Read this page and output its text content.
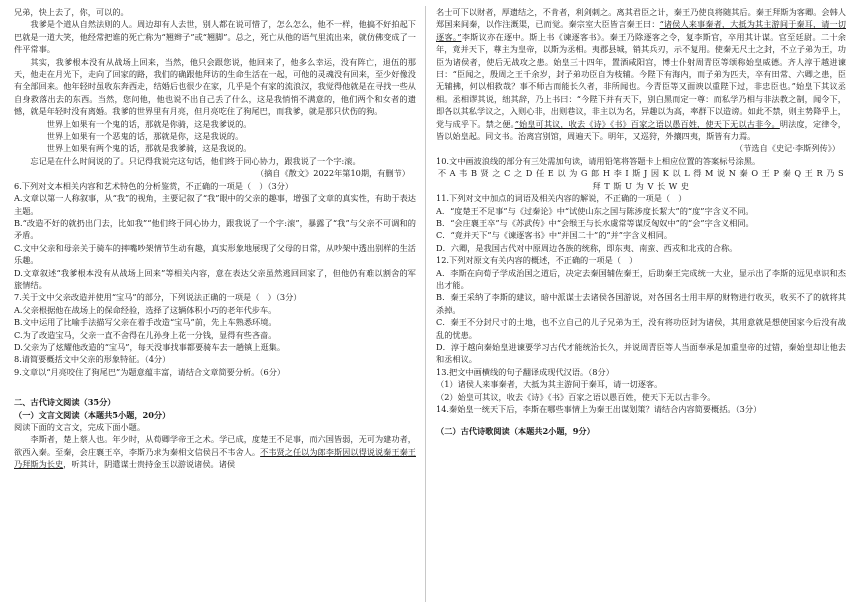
兄弟，快上去了，你，可以的。

我爹是个道从自然法则的人。周边却有人去世，别人都在说可惜了，怎么怎么，他不一样，他搞不好拍起下巴就是一道大笑，他经常把谁的死亡称为“翘辫子”或“翘脚”。总之，死亡从他的语气里流出来，就仿佛变成了一件平常事。

其实，我爹根本没有从战场上回来，当然，他只会跟您说，他回来了，他多么幸运，没有阵亡，退伍的那天，他走在月光下，走向了回家的路，我们的确跟他拜访的生命生活在一起，可他的灵魂没有回来，至少好像没有全部回来。他年轻时虽收东奔西走，结婚后也很少在家，几乎是个有家的流浪汉，我觉得他就是在寻找一些从自身救落出去的东西。当然，您问他，他也说不出自己丢了什么，这是我悄悄不满意的，他们两个和女者的遗憾，就是年轻时没有离婚。我爹的世界里有月亮，但月亮吃住了狗尾巴，而我爹，就是那只伏伤的狗。

世界上如果有一个鬼的话，那就是你骑，这是我爹说的。

世界上如果有一个恶鬼的话，那就是你，这是我说的。

世界上如果有两个鬼的话，那就是我爹骑，这是我说的。

忘记是在什么时间说的了。只记得我说完这句话，他们终于同心协力，跟我说了一个字:滚。

（摘自《散文》2022年第10期，有删节）

6.下列对文本相关内容和艺术特色的分析鉴赏，不正确的一项是（　）（3分）

A.文章以第一人称叙事，从“我”的视角，主要记叙了“我”眼中的父亲的趣事，增强了文章的真实性，有助于表达主题。

B.“改造不好的就扔出门去，比如我”“他们终于同心协力，跟我说了一个字:滚”，暴露了“我”与父亲不可调和的矛盾。

C.文中父亲和母亲关于骑车的摔嘴吵架情节生动有趣，真实形象地展现了父母的日常，从吵架中透出别样的生活乐趣。

D.文章叙述“我爹根本没有从战场上回来”等相关内容，意在表达父亲虽然逃回回家了，但他仍有难以割舍的军旅情结。

7.关于文中父亲改造并使用“宝马”的部分，下列说法正确的一项是（　）（3分）

A.父亲根据他在战场上的保命经验，选择了这辆体积小巧的老年代步车。

B.文中运用了比喻手法描写父亲在着手改造“宝马”前，先上车熟悉环境。

C.为了改造宝马，父亲一直不舍得在儿孙身上花一分钱，显得有些吝啬。

D.父亲为了炫耀他改造的“宝马”，每天没事找事都要骑车去一趟镇上逛集。

8.请简要概括文中父亲的形象特征。（4分）

9.文章以“月亮咬住了狗尾巴”为题意蕴丰富，请结合文章简要分析。（6分）

二、古代诗文阅读（35分）

（一）文言文阅读（本题共5小题，20分）

阅读下面的文言文，完成下面小题。

李斯者，楚上蔡人也。年少时，从荀卿学帝王之术。学已成，度楚王不足事，而六国皆弱，无可为建功者，欲西入秦。至秦，会庄襄王卒，李斯乃求为秦相文信侯吕不韦舍人。不韦贤之任以为郎李斯因以得说说秦王秦王乃拜斯为长史，听其计，阴遣谋士贵持金玉以游说诸侯。诸侯

名士可下以财者，厚遗结之，不肯者，利剑刺之。离其君臣之计，秦王乃使良将随其后。秦王拜斯为客卿。会韩人郑国来间秦，以作注溉渠，已而觉。秦宗室大臣皆言秦王曰：“诸侯人来事秦者，大抵为其主游间于秦耳，请一切逐客。”李斯议亦在逐中。斯上书《谏逐客书》。秦王乃除逐客之令，复李斯官，卒用其计谋。官至廷尉。二十余年，竟并天下，尊主为皇帝，以斯为丞相。夷郡县城，销其兵刃，示不复用。使秦无尺土之封，不立子弟为王，功臣为诸侯者，使后无战攻之患。始皇三十四年，置酒咸阳宫，博士仆射周青臣等颂称始皇威德。齐人淳于越进谏曰：“臣闻之，殷周之王千余岁，封子弟功臣自为枝辅。今陛下有海内，而子弟为匹夫，卒有田常、六卿之患，臣无辅拂，何以相救哉？事不师古而能长久者，非所闻也。今青臣等又面谀以重陛下过，非忠臣也。”始皇下其议丞相。丞相谬其说，绌其辞，乃上书曰：“今陛下并有天下，别白黑而定一尊：而私学乃相与非法教之制，闻令下，即各以其私学议之，入则心非，出则巷议，非主以为名，异趣以为高，率群下以造谤。如此不禁，则主势降乎上，党与成乎下。禁之便。”始皇可其议，收去《诗》《书》百家之语以愚百姓，使天下无以古非今。明法度，定律令，皆以始皇起。同文书。治离宫别馆，周遍天下。明年，又巡狩，外攘四夷，斯皆有力焉。

（节选自《史记·李斯列传》）

10.文中画波浪线的部分有三处需加句读，请用铅笔将答题卡上相应位置的答案标号涂黑。

不 A 韦 B 贤 之 C 之 D 任 E 以 为 G 郎 H 李 I 斯 J 因 K 以 L 得 M 说 N 秦 O 王 P 秦 Q 王 R 乃 S

拜 T 斯 U 为 V 长 W 史

11.下列对文中加点的词语及相关内容的解说，不正确的一项是（　）

A．“度楚王不足事”与《过秦论》中“试使山东之国与陈涉度长絜大”的“度”字含义不同。

B．“会庄襄王卒”与《苏武传》中“会缑王与长水虞常等谋反匈奴中”的“会”字含义相同。

C．“竟并天下”与《谏逐客书》中“并国二十”的“并”字含义相同。

D．六卿，是我国古代对中原周边各族的统称，即东夷、南蛮、西戎和北戎的合称。

12.下列对原文有关内容的概述，不正确的一项是（　）

A．李斯在向荀子学成治国之道后，决定去秦国辅佐秦王，后助秦王完成统一大业，显示出了李斯的远见卓识和杰出才能。

B．秦王采纳了李斯的建议，暗中派谋士去诸侯各国游说，对各国名士用丰厚的财物进行收买，收买不了的就将其杀掉。

C．秦王不分封尺寸的土地，也不立自己的儿子兄弟为王，没有将功臣封为诸侯，其用意就是想使国家今后没有战乱的忧患。

D．淳于越向秦始皇进谏要学习古代才能统治长久，并说周青臣等人当面奉承是加重皇帝的过错，秦始皇却让他去和丞相议。

13.把文中画横线的句子翻译成现代汉语。（8分）

（1）诸侯人来事秦者，大抵为其主游间于秦耳，请一切逐客。

（2）始皇可其议，收去《诗》《书》百家之语以愚百姓，使天下无以古非今。

14.秦始皇一统天下后，李斯在哪些事情上为秦王出谋划策？请结合内容简要概括。（3分）

（二）古代诗歌阅读（本题共2小题，9分）
